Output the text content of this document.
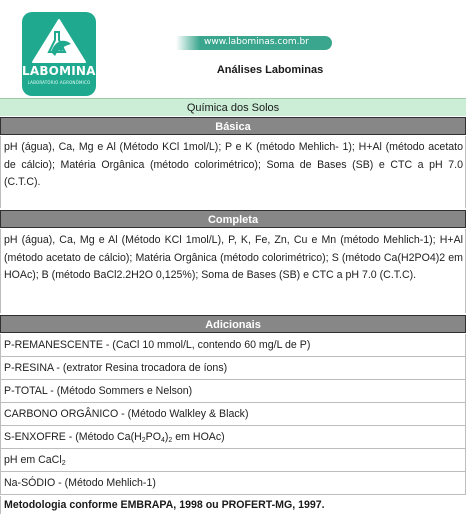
LABOMINAS
LABORATÓRIO AGRONÔMICO
www.labominas.com.br
Análises Labominas
Química dos Solos
Básica
pH (água), Ca, Mg e Al (Método KCl 1mol/L); P e K (método Mehlich- 1); H+Al (método acetato de cálcio); Matéria Orgânica (método colorimétrico); Soma de Bases (SB) e CTC a pH 7.0 (C.T.C).
Completa
pH (água), Ca, Mg e Al (Método KCl 1mol/L), P, K, Fe, Zn, Cu e Mn (método Mehlich-1); H+Al (método acetato de cálcio); Matéria Orgânica (método colorimétrico); S (método Ca(H2PO4)2 em HOAc); B (método BaCl2.2H2O 0,125%); Soma de Bases (SB) e CTC a pH 7.0 (C.T.C).
Adicionais
P-REMANESCENTE - (CaCl 10 mmol/L, contendo 60 mg/L de P)
P-RESINA - (extrator Resina trocadora de íons)
P-TOTAL - (Método Sommers e Nelson)
CARBONO ORGÂNICO - (Método Walkley & Black)
S-ENXOFRE - (Método $Ca(H_2PO_4)_2$ em HOAc)
pH em CaCl$_2$
Na-SÓDIO - (Método Mehlich-1)
Metodologia conforme EMBRAPA, 1998 ou PROFERT-MG, 1997.
